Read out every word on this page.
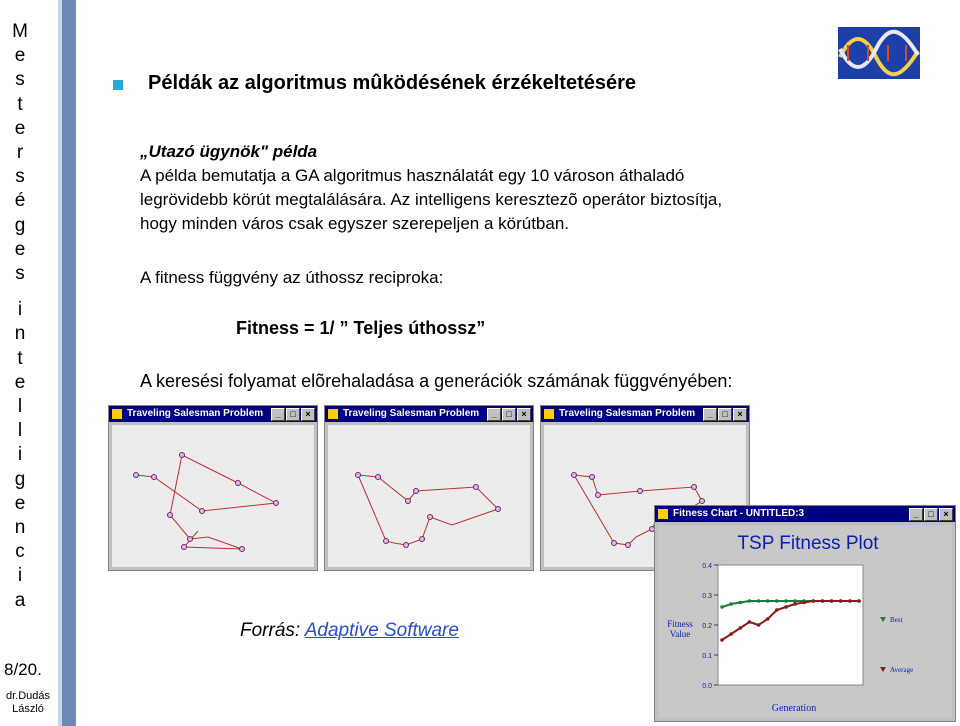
M
e
s
t
e
r
s
é
g
e
s
i
n
t
e
l
l
i
g
e
n
c
i
a
8/20.
dr.Dudás
László
Példák az algoritmus mûködésének érzékeltetésére
„Utazó ügynök" példa
A példa bemutatja a GA algoritmus használatát egy 10 városon áthaladó
legrövidebb körút megtalálására. Az intelligens keresztezõ operátor biztosítja,
hogy minden város csak egyszer szerepeljen a körútban.
A fitness függvény az úthossz reciproka:
Fitness = 1/ ” Teljes úthossz”
A keresési folyamat elõrehaladása a generációk számának függvényében:
Traveling Salesman Problem	_ □ ×	Traveling Salesman Problem	_ □ ×	Traveling Salesman Problem	_ □ ×
Fitness Chart - UNTITLED:3	_ □ ×
TSP Fitness Plot
Fitness
Value
Generation
0.4
0.3
0.2
0.1
0.0
Best
Average
Forrás: Adaptive Software
